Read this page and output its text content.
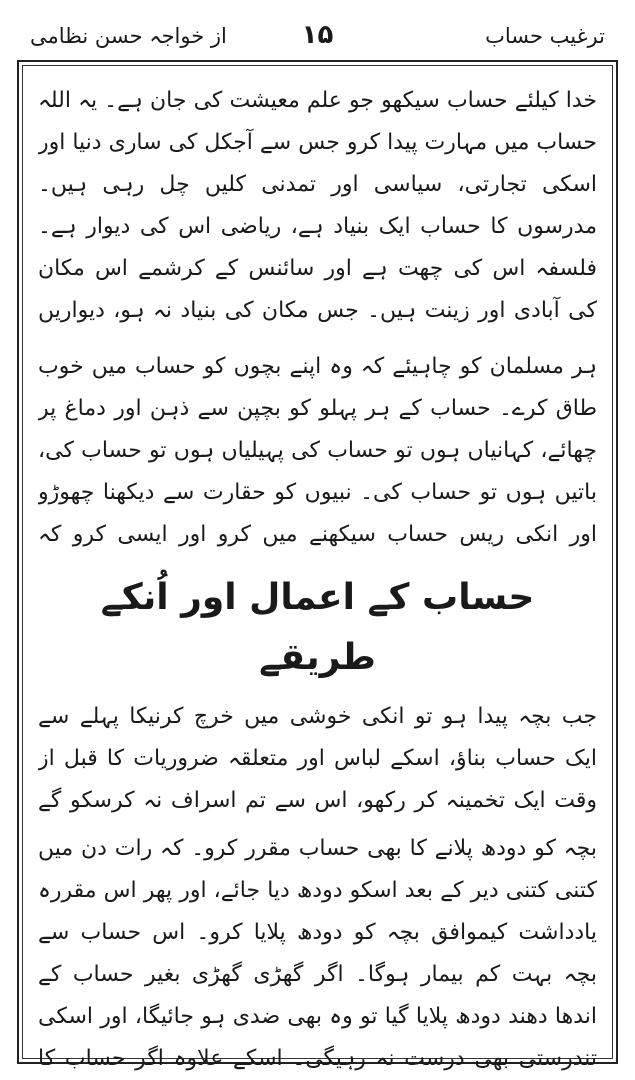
ترغیب حساب
۱۵
از خواجہ حسن نظامی

خدا کیلئے حساب سیکھو جو علم معیشت کی جان ہے۔ یہ اللہ حساب میں مہارت پیدا کرو جس سے آجکل کی ساری دنیا اور اسکی تجارتی، سیاسی اور تمدنی کلیں چل رہی ہیں۔ مدرسوں کا حساب ایک بنیاد ہے، ریاضی اس کی دیوار ہے۔ فلسفہ اس کی چھت ہے اور سائنس کے کرشمے اس مکان کی آبادی اور زینت ہیں۔ جس مکان کی بنیاد نہ ہو، دیواریں

ہر مسلمان کو چاہیئے کہ وہ اپنے بچوں کو حساب میں خوب طاق کرے۔ حساب کے ہر پہلو کو بچپن سے ذہن اور دماغ پر چھائے، کہانیاں ہوں تو حساب کی پہیلیاں ہوں تو حساب کی، باتیں ہوں تو حساب کی۔ نبیوں کو حقارت سے دیکھنا چھوڑو اور انکی ریس حساب سیکھنے میں کرو اور ایسی کرو کہ

حساب کے اعمال اور اُنکے طریقے

جب بچہ پیدا ہو تو انکی خوشی میں خرچ کرنیکا پہلے سے ایک حساب بناؤ، اسکے لباس اور متعلقہ ضروریات کا قبل از وقت ایک تخمینہ کر رکھو، اس سے تم اسراف نہ کرسکو گے

بچہ کو دودھ پلانے کا بھی حساب مقرر کرو۔ کہ رات دن میں کتنی کتنی دیر کے بعد اسکو دودھ دیا جائے، اور پھر اس مقررہ یادداشت کیموافق بچہ کو دودھ پلایا کرو۔ اس حساب سے بچہ بہت کم بیمار ہوگا۔ اگر گھڑی گھڑی بغیر حساب کے اندھا دھند دودھ پلایا گیا تو وہ بھی ضدی ہو جائیگا، اور اسکی تندرستی بھی درست نہ رہیگی۔ اسکے علاوہ اگر حساب کا
